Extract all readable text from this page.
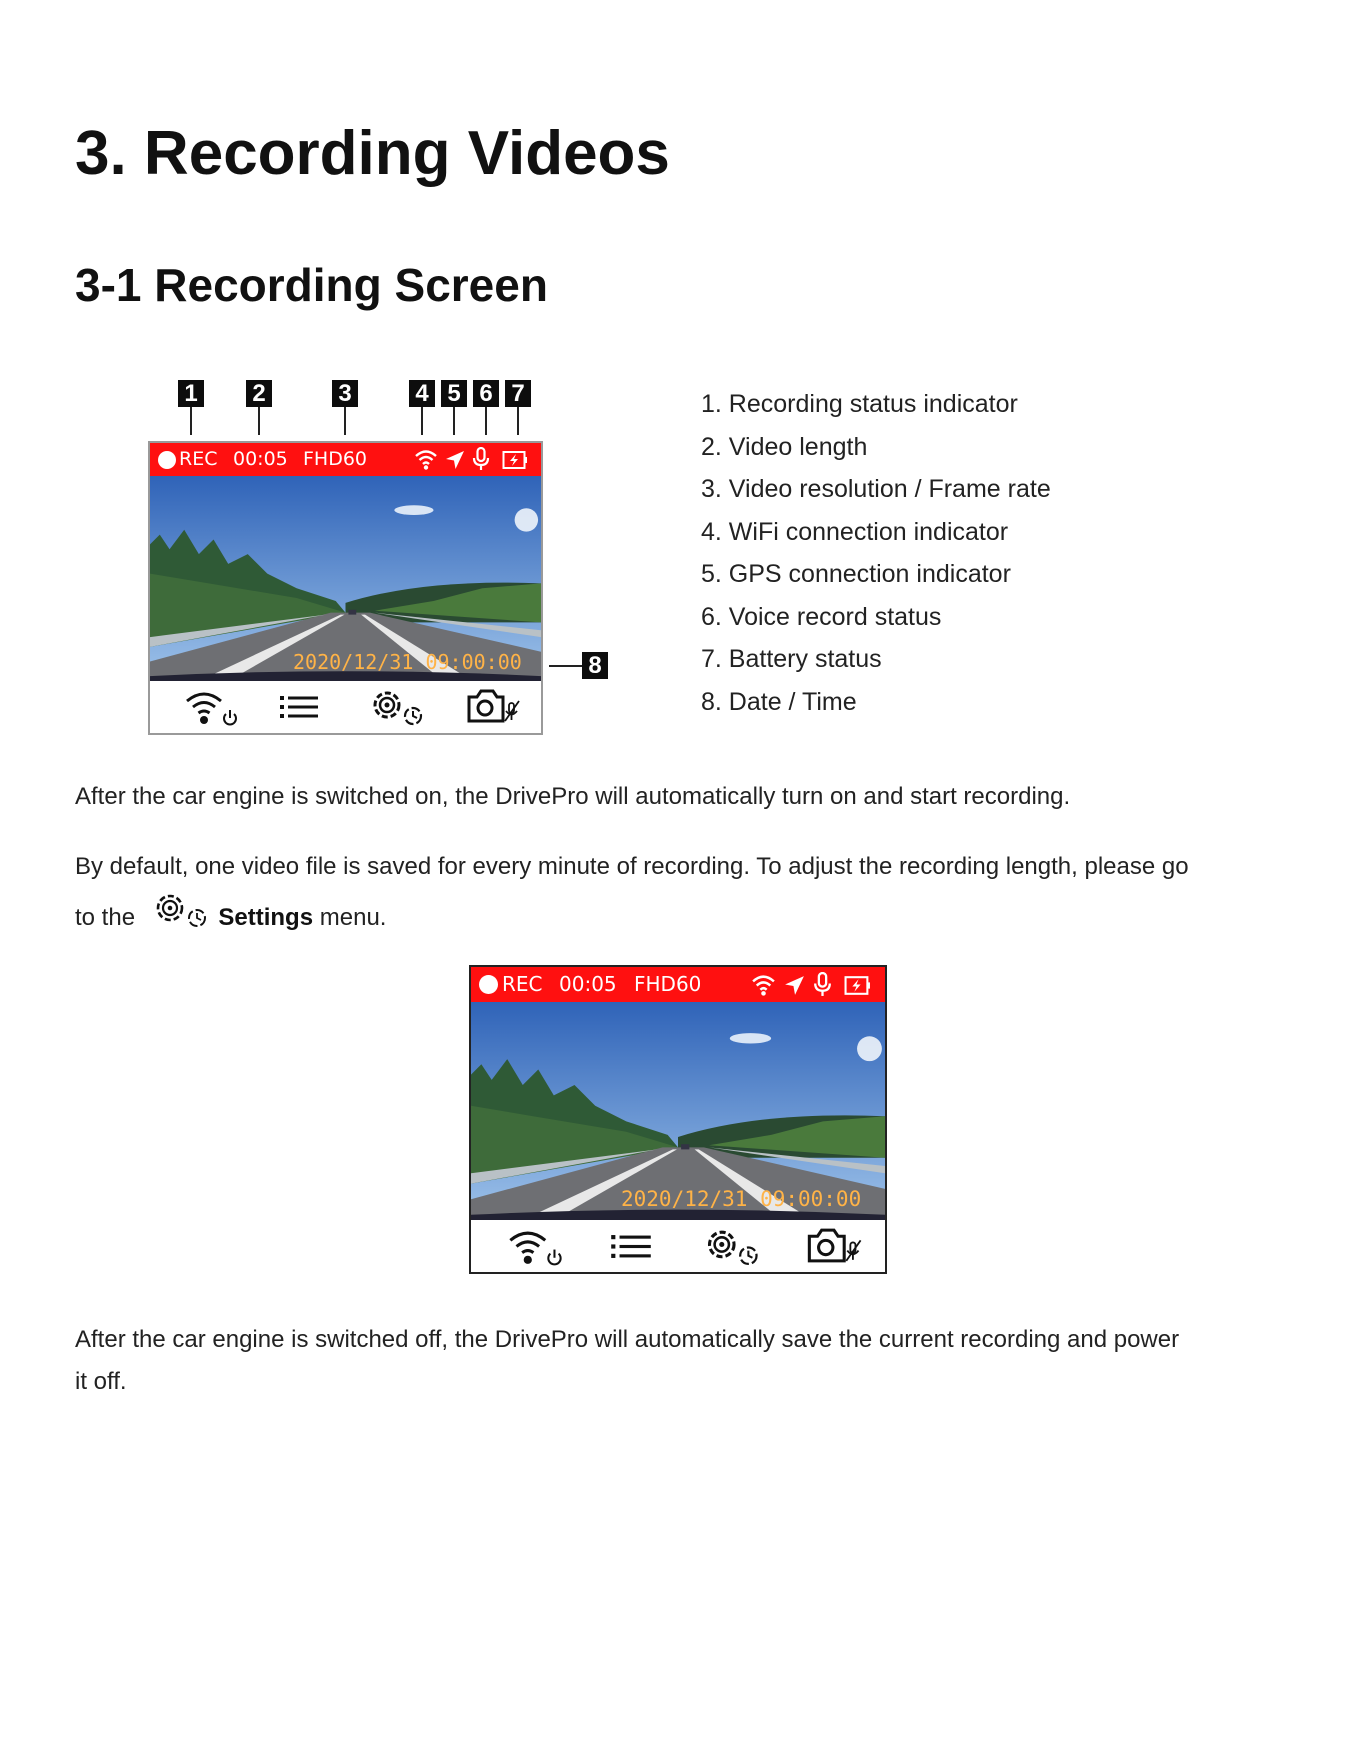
3. Recording Videos
3-1 Recording Screen
1 2	3	4 5 6 7
8
1. Recording status indicator
2. Video length
3. Video resolution / Frame rate
4. WiFi connection indicator
5. GPS connection indicator
6. Voice record status
7. Battery status
8. Date / Time
REC 00:05 FHD60
2020/12/31 09:00:00

After the car engine is switched on, the DrivePro will automatically turn on and start recording.

By default, one video file is saved for every minute of recording. To adjust the recording length, please go

to the	Settings menu.

REC 00:05 FHD60
2020/12/31 09:00:00

After the car engine is switched off, the DrivePro will automatically save the current recording and power

it off.
